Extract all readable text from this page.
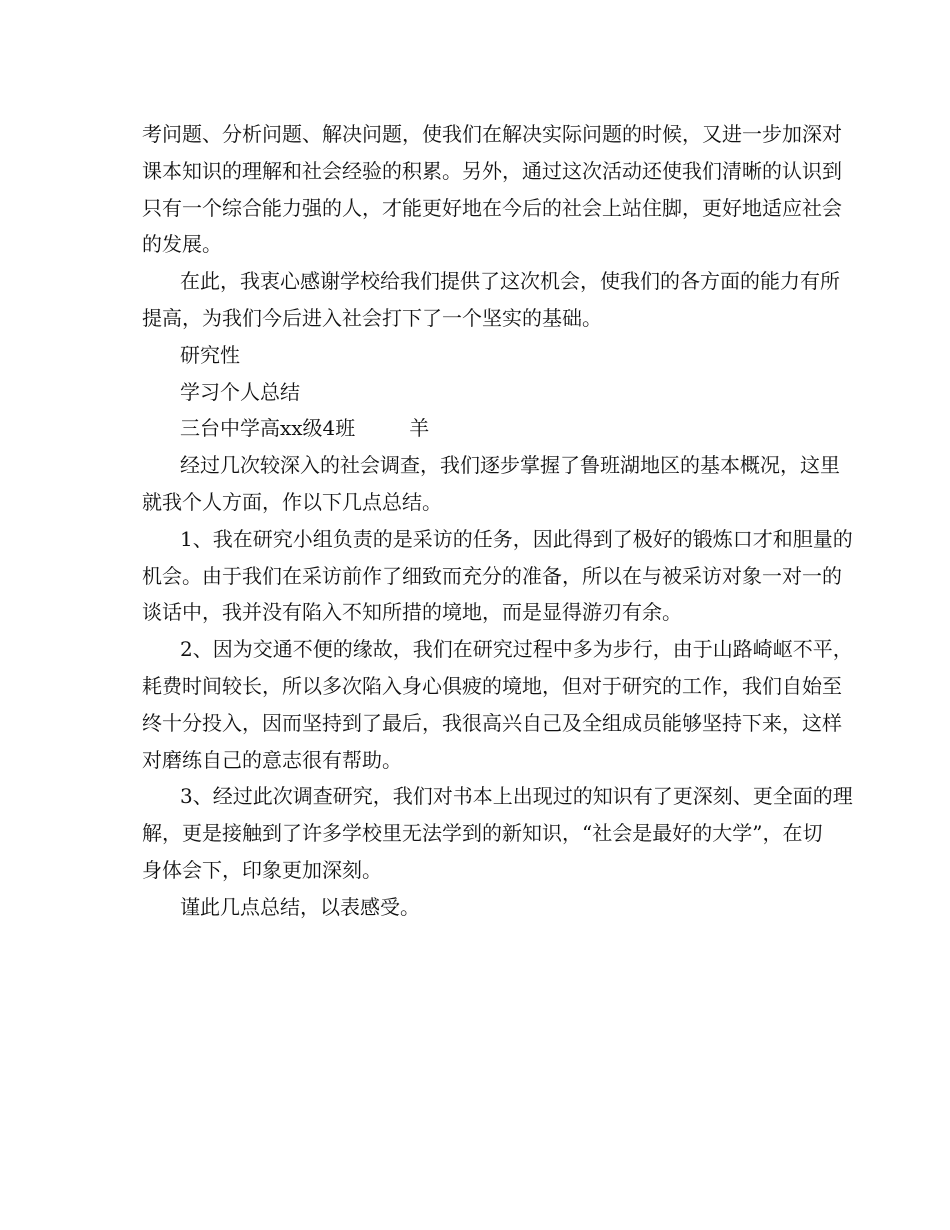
考问题、分析问题、解决问题，使我们在解决实际问题的时候，又进一步加深对
课本知识的理解和社会经验的积累。另外，通过这次活动还使我们清晰的认识到
只有一个综合能力强的人，才能更好地在今后的社会上站住脚，更好地适应社会
的发展。
在此，我衷心感谢学校给我们提供了这次机会，使我们的各方面的能力有所
提高，为我们今后进入社会打下了一个坚实的基础。
研究性
学习个人总结
三台中学高xx级4班	羊
经过几次较深入的社会调查，我们逐步掌握了鲁班湖地区的基本概况，这里
就我个人方面，作以下几点总结。
1、我在研究小组负责的是采访的任务，因此得到了极好的锻炼口才和胆量的
机会。由于我们在采访前作了细致而充分的准备，所以在与被采访对象一对一的
谈话中，我并没有陷入不知所措的境地，而是显得游刃有余。
2、因为交通不便的缘故，我们在研究过程中多为步行，由于山路崎岖不平，
耗费时间较长，所以多次陷入身心俱疲的境地，但对于研究的工作，我们自始至
终十分投入，因而坚持到了最后，我很高兴自己及全组成员能够坚持下来，这样
对磨练自己的意志很有帮助。
3、经过此次调查研究，我们对书本上出现过的知识有了更深刻、更全面的理
解，更是接触到了许多学校里无法学到的新知识，“社会是最好的大学”，在切
身体会下，印象更加深刻。
谨此几点总结，以表感受。
